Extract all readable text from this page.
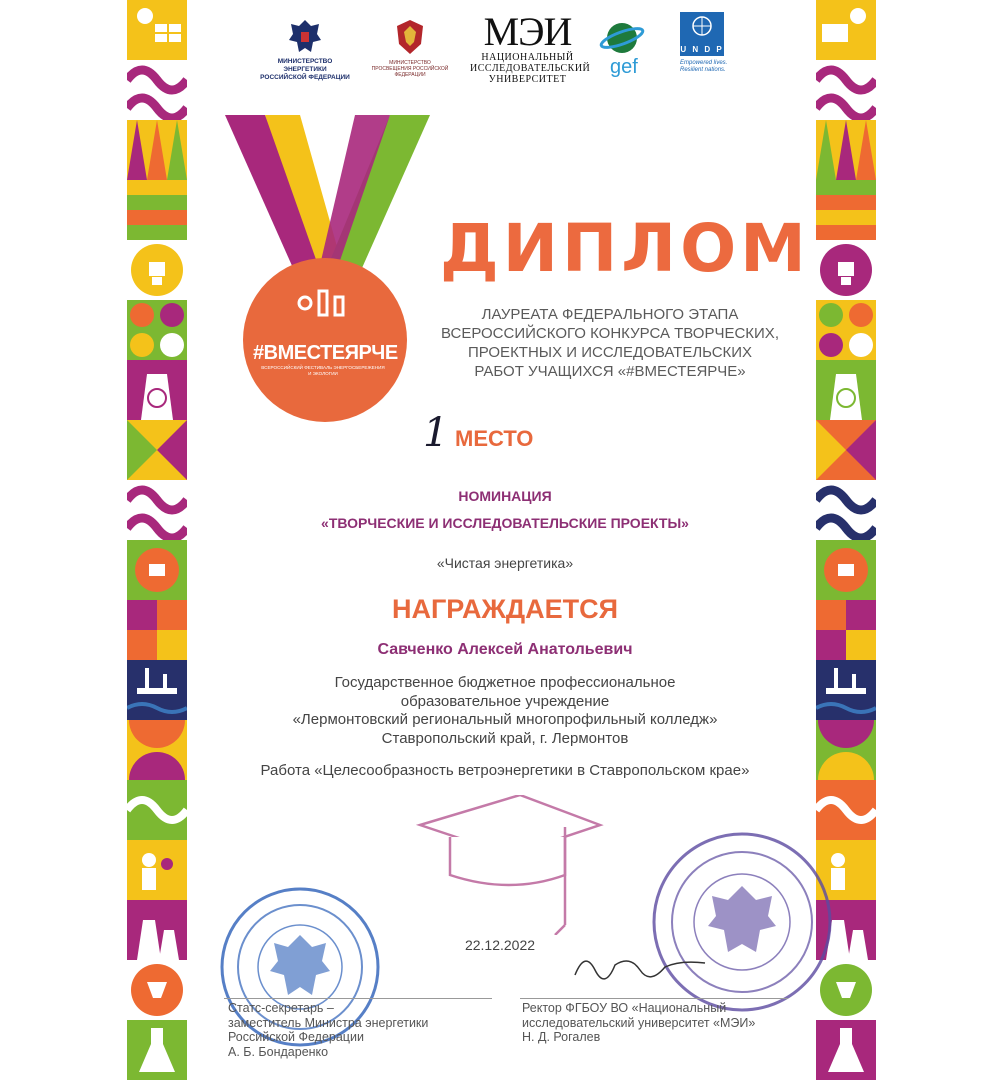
МИНИСТЕРСТВО ЭНЕРГЕТИКИ РОССИЙСКОЙ ФЕДЕРАЦИИ
МИНИСТЕРСТВО ПРОСВЕЩЕНИЯ РОССИЙСКОЙ ФЕДЕРАЦИИ
МЭИ
НАЦИОНАЛЬНЫЙ
ИССЛЕДОВАТЕЛЬСКИЙ
УНИВЕРСИТЕТ
gef
U N D P
Empowered lives.
Resilient nations.
#ВМЕСТЕЯРЧЕ
ВСЕРОССИЙСКИЙ ФЕСТИВАЛЬ ЭНЕРГОСБЕРЕЖЕНИЯ
И ЭКОЛОГИИ
ДИПЛОМ
ЛАУРЕАТА ФЕДЕРАЛЬНОГО ЭТАПА
ВСЕРОССИЙСКОГО КОНКУРСА ТВОРЧЕСКИХ,
ПРОЕКТНЫХ И ИССЛЕДОВАТЕЛЬСКИХ
РАБОТ УЧАЩИХСЯ «#ВМЕСТЕЯРЧЕ»
1 МЕСТО
НОМИНАЦИЯ
«ТВОРЧЕСКИЕ И ИССЛЕДОВАТЕЛЬСКИЕ ПРОЕКТЫ»
«Чистая энергетика»
НАГРАЖДАЕТСЯ
Савченко Алексей Анатольевич
Государственное бюджетное профессиональное
образовательное учреждение
«Лермонтовский региональный многопрофильный колледж»
Ставропольский край, г. Лермонтов
Работа «Целесообразность ветроэнергетики в Ставропольском крае»
22.12.2022
Статс-секретарь –
заместитель Министра энергетики
Российской Федерации
А. Б. Бондаренко
Ректор ФГБОУ ВО «Национальный
исследовательский университет «МЭИ»
Н. Д. Рогалев
